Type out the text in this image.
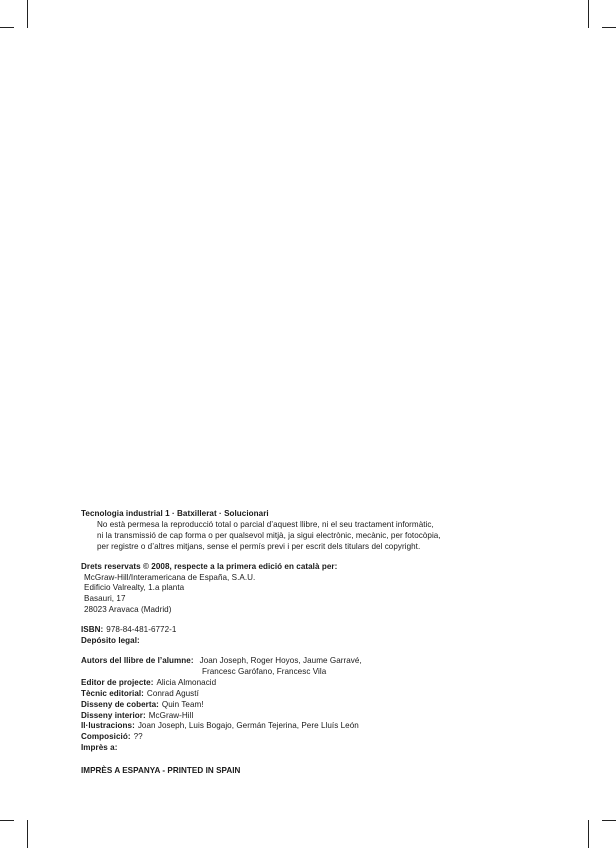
Tecnologia industrial 1 · Batxillerat · Solucionari

No està permesa la reproducció total o parcial d’aquest llibre, ni el seu tractament informàtic,
ni la transmissió de cap forma o per qualsevol mitjà, ja sigui electrònic, mecànic, per fotocòpia,
per registre o d’altres mitjans, sense el permís previ i per escrit dels titulars del copyright.

Drets reservats © 2008, respecte a la primera edició en català per:

McGraw-Hill/Interamericana de España, S.A.U.
Edificio Valrealty, 1.a planta
Basauri, 17
28023 Aravaca (Madrid)
ISBN: 978-84-481-6772-1
Depósito legal:
Autors del llibre de l’alumne: Joan Joseph, Roger Hoyos, Jaume Garravé,
Francesc Garófano, Francesc Vila
Editor de projecte: Alicia Almonacid
Tècnic editorial: Conrad Agustí
Disseny de coberta: Quin Team!
Disseny interior: McGraw-Hill
Il·lustracions: Joan Joseph, Luis Bogajo, Germán Tejerina, Pere Lluís León
Composició: ??
Imprès a:

IMPRÈS A ESPANYA - PRINTED IN SPAIN
